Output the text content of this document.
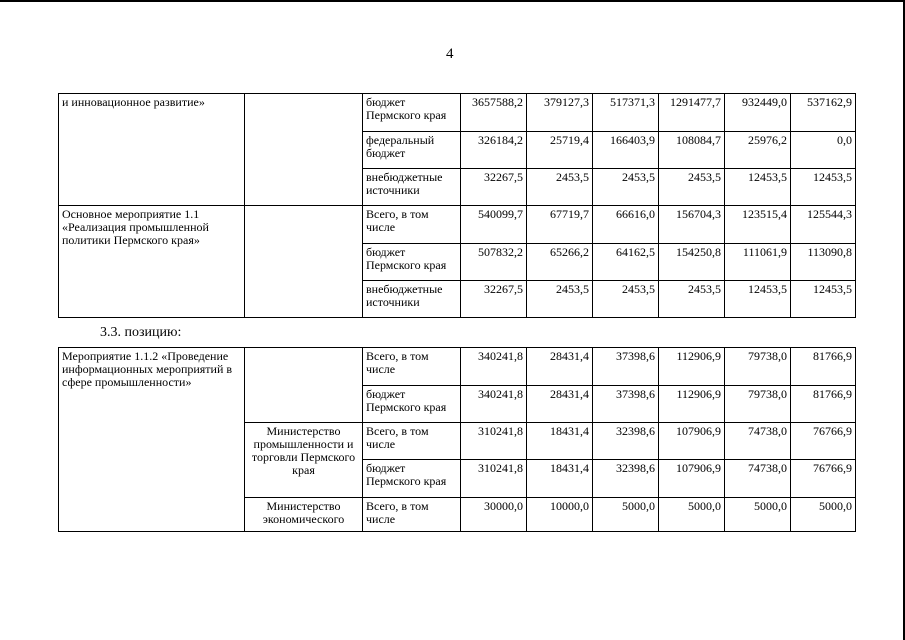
4
и инновационное развитие»		бюджет Пермского края	3657588,2	379127,3	517371,3	1291477,7	932449,0	537162,9
		федеральный бюджет	326184,2	25719,4	166403,9	108084,7	25976,2	0,0
		внебюджетные источники	32267,5	2453,5	2453,5	2453,5	12453,5	12453,5
Основное мероприятие 1.1 «Реализация промышленной политики Пермского края»		Всего, в том числе	540099,7	67719,7	66616,0	156704,3	123515,4	125544,3
		бюджет Пермского края	507832,2	65266,2	64162,5	154250,8	111061,9	113090,8
		внебюджетные источники	32267,5	2453,5	2453,5	2453,5	12453,5	12453,5
3.3. позицию:
Мероприятие 1.1.2 «Проведение информационных мероприятий в сфере промышленности»		Всего, в том числе	340241,8	28431,4	37398,6	112906,9	79738,0	81766,9
		бюджет Пермского края	340241,8	28431,4	37398,6	112906,9	79738,0	81766,9
	Министерство промышленности и торговли Пермского края	Всего, в том числе	310241,8	18431,4	32398,6	107906,9	74738,0	76766,9
		бюджет Пермского края	310241,8	18431,4	32398,6	107906,9	74738,0	76766,9
	Министерство экономического	Всего, в том числе	30000,0	10000,0	5000,0	5000,0	5000,0	5000,0
